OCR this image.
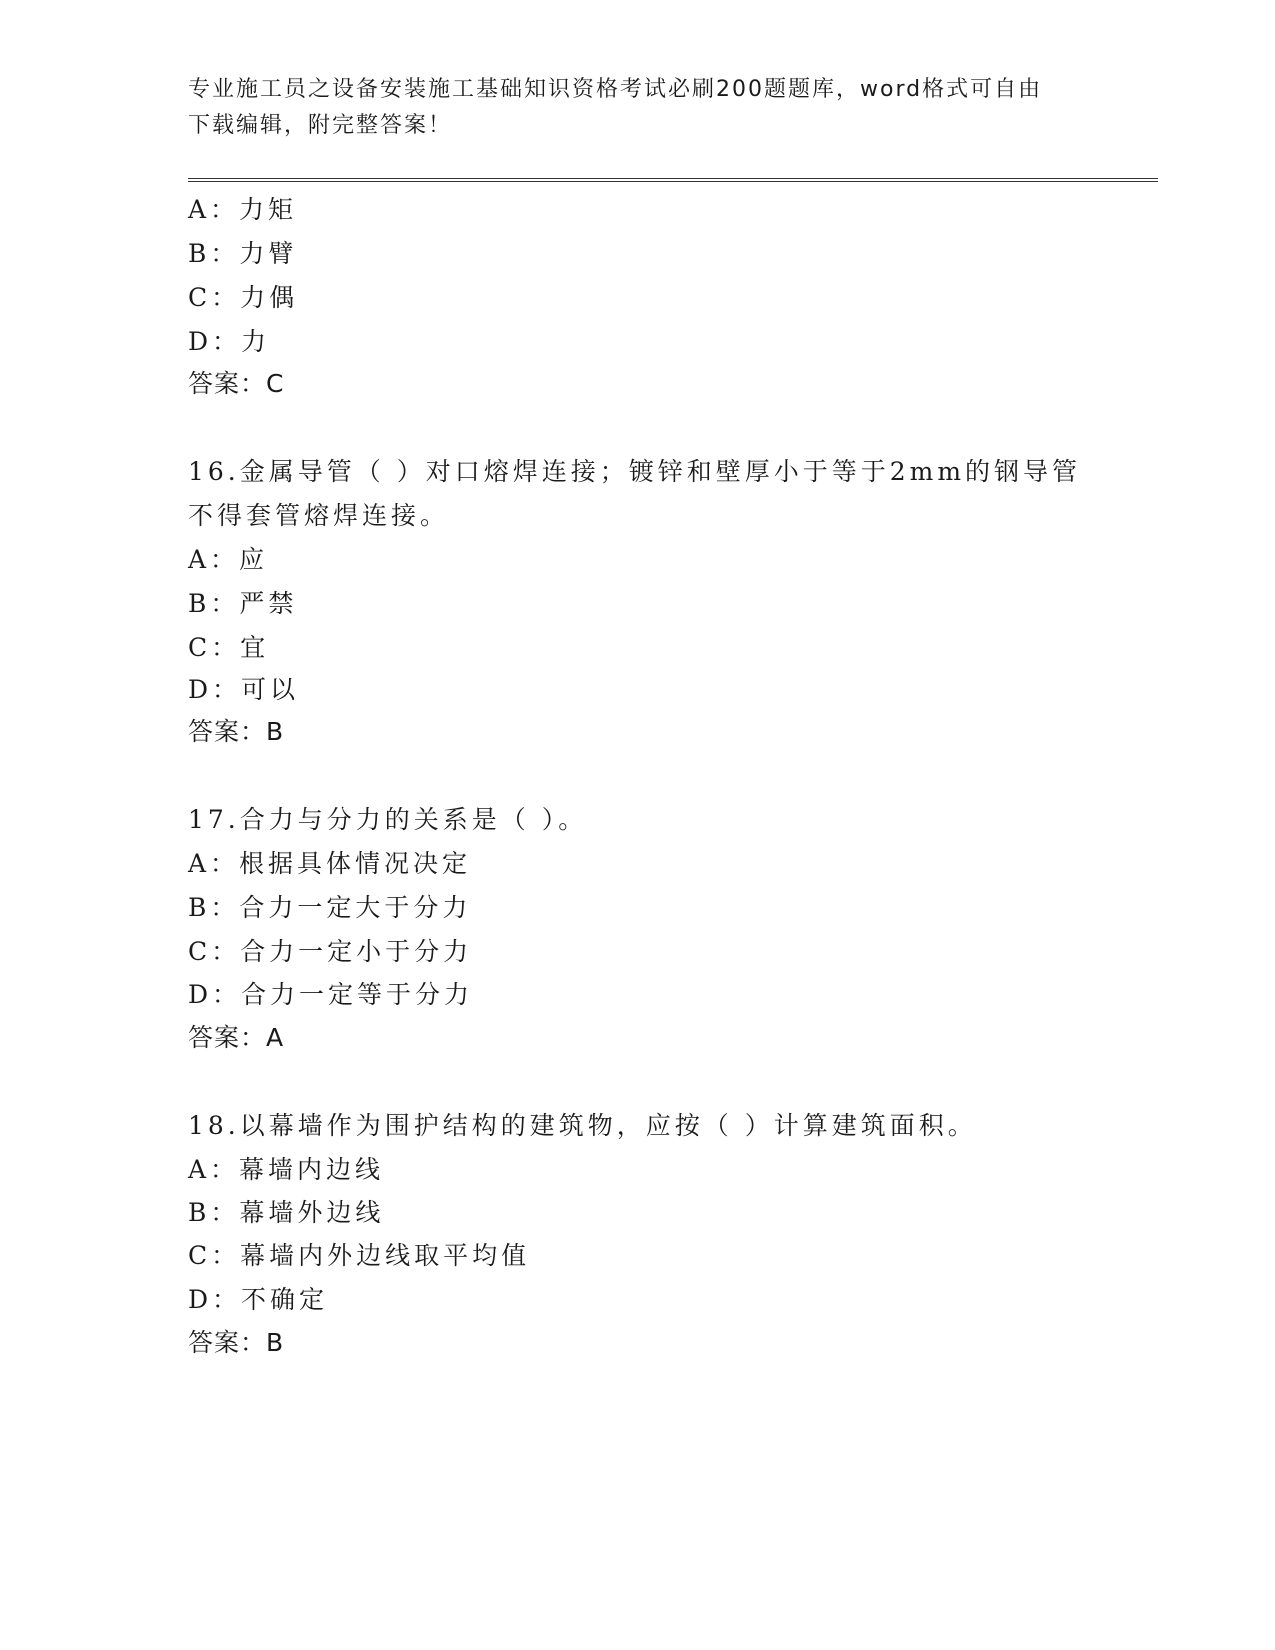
专业施工员之设备安装施工基础知识资格考试必刷200题题库，word格式可自由
下载编辑，附完整答案！
A：力矩
B：力臂
C：力偶
D：力
答案：C
16.金属导管（ ）对口熔焊连接；镀锌和壁厚小于等于2mm的钢导管
不得套管熔焊连接。
A：应
B：严禁
C：宜
D：可以
答案：B
17.合力与分力的关系是（ ）。
A：根据具体情况决定
B：合力一定大于分力
C：合力一定小于分力
D：合力一定等于分力
答案：A
18.以幕墙作为围护结构的建筑物，应按（ ）计算建筑面积。
A：幕墙内边线
B：幕墙外边线
C：幕墙内外边线取平均值
D：不确定
答案：B
